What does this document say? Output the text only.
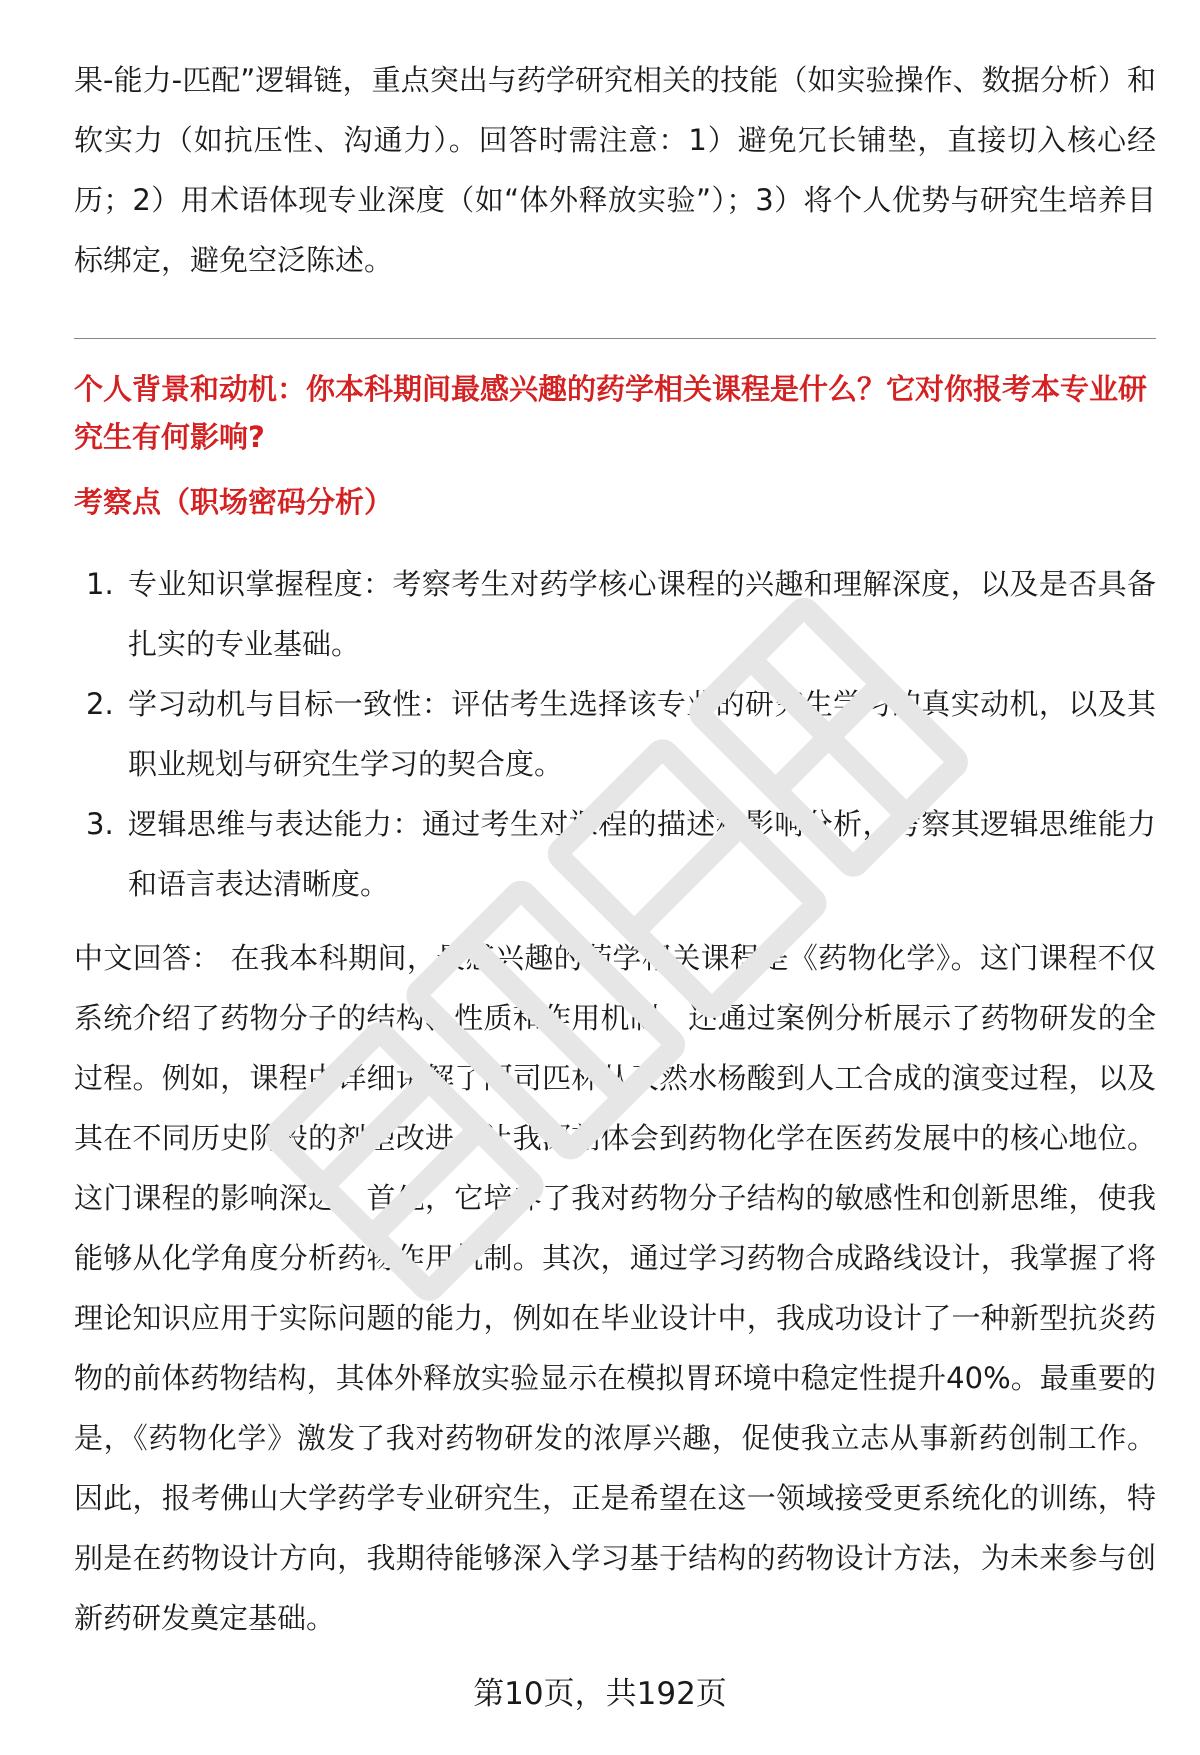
果-能力-匹配”逻辑链，重点突出与药学研究相关的技能（如实验操作、数据分析）和软实力（如抗压性、沟通力）。回答时需注意：1）避免冗长铺垫，直接切入核心经历；2）用术语体现专业深度（如“体外释放实验”）；3）将个人优势与研究生培养目标绑定，避免空泛陈述。

个人背景和动机：你本科期间最感兴趣的药学相关课程是什么？它对你报考本专业研究生有何影响?

考察点（职场密码分析）

1. 专业知识掌握程度：考察考生对药学核心课程的兴趣和理解深度，以及是否具备扎实的专业基础。
2. 学习动机与目标一致性：评估考生选择该专业的研究生学习的真实动机，以及其职业规划与研究生学习的契合度。
3. 逻辑思维与表达能力：通过考生对课程的描述和影响分析，考察其逻辑思维能力和语言表达清晰度。

中文回答： 在我本科期间，最感兴趣的药学相关课程是《药物化学》。这门课程不仅系统介绍了药物分子的结构、性质和作用机制，还通过案例分析展示了药物研发的全过程。例如，课程中详细讲解了阿司匹林从天然水杨酸到人工合成的演变过程，以及其在不同历史阶段的剂型改进，让我深刻体会到药物化学在医药发展中的核心地位。这门课程的影响深远，首先，它培养了我对药物分子结构的敏感性和创新思维，使我能够从化学角度分析药物作用机制。其次，通过学习药物合成路线设计，我掌握了将理论知识应用于实际问题的能力，例如在毕业设计中，我成功设计了一种新型抗炎药物的前体药物结构，其体外释放实验显示在模拟胃环境中稳定性提升40%。最重要的是，《药物化学》激发了我对药物研发的浓厚兴趣，促使我立志从事新药创制工作。因此，报考佛山大学药学专业研究生，正是希望在这一领域接受更系统化的训练，特别是在药物设计方向，我期待能够深入学习基于结构的药物设计方法，为未来参与创新药研发奠定基础。

第10页，共192页
